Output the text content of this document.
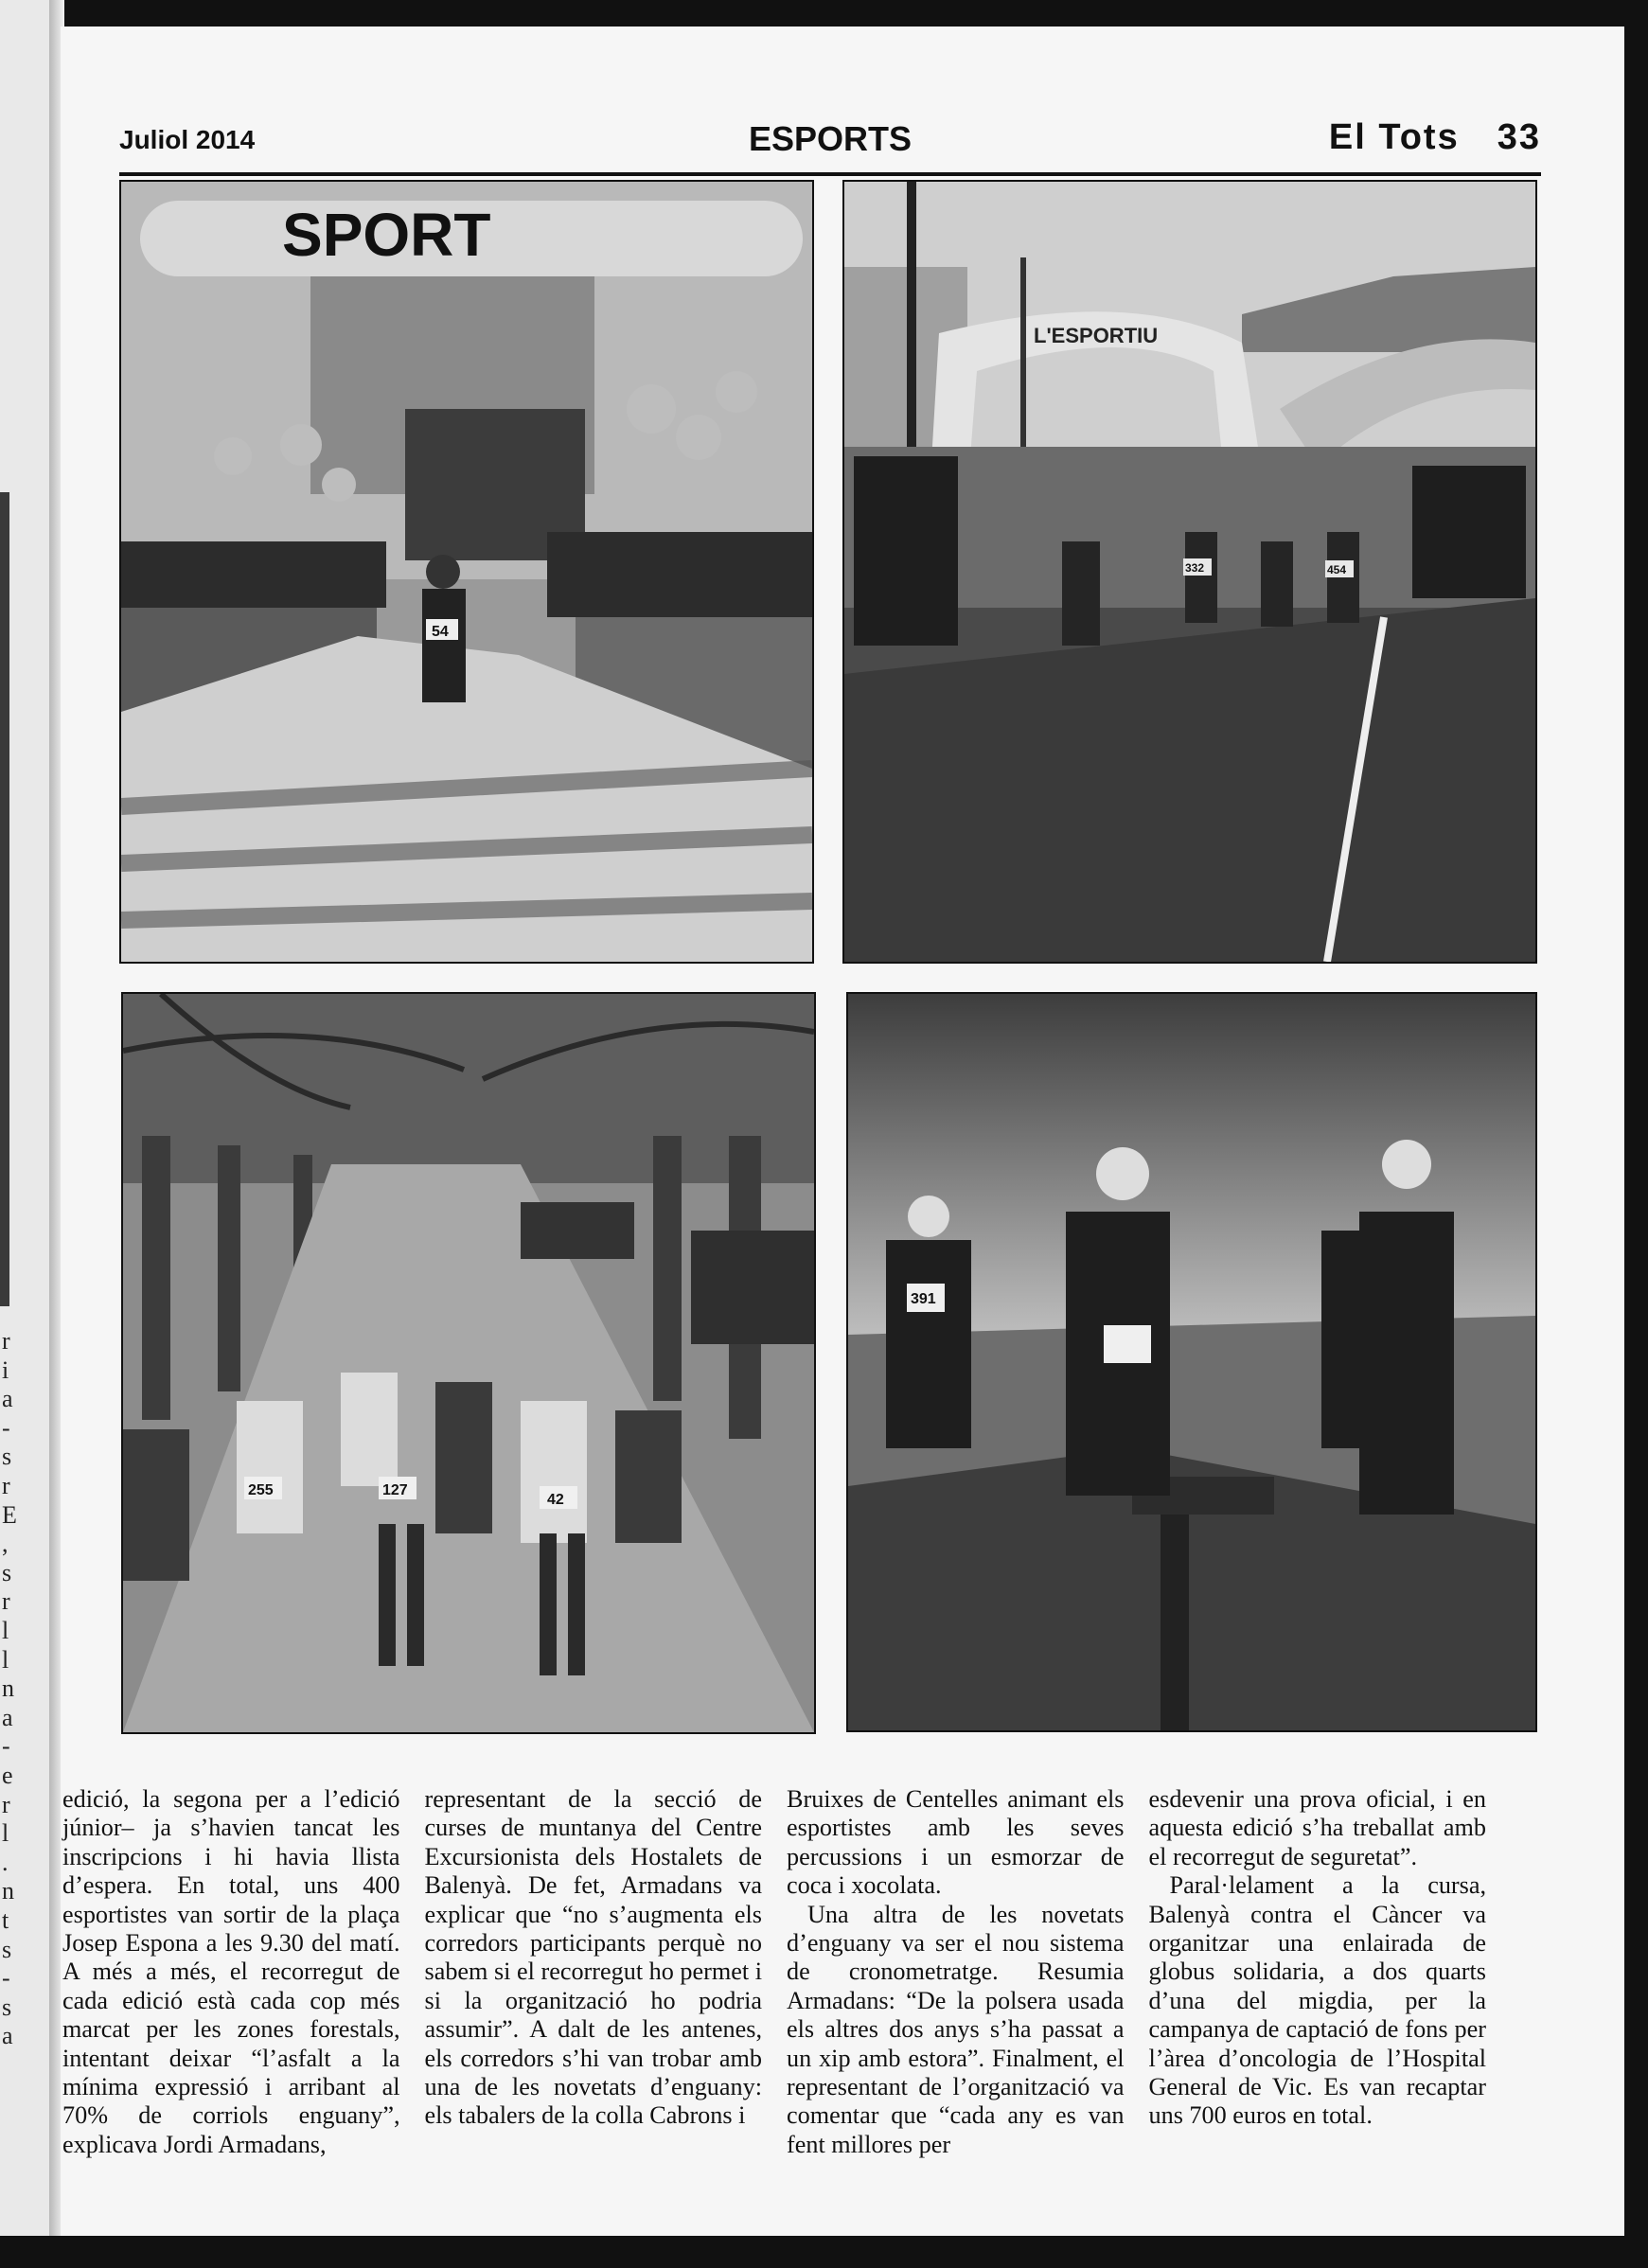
r
i
a
-
s
r
E
,
s
r
l
l
n
a
-
e
r
l
.
n
t
s
-
s
a
Juliol 2014	ESPORTS	El Tots 33
SPORT
54
L'ESPORTIU
332	454
127
42
255
391

edició, la segona per a l’edició júnior– ja s’havien tancat les inscripcions i hi havia llista d’espera. En total, uns 400 esportistes van sortir de la plaça Josep Espona a les 9.30 del matí. A més a més, el recorregut de cada edició està cada cop més marcat per les zones forestals, intentant deixar “l’asfalt a la mínima expressió i arribant al 70% de corriols enguany”, explicava Jordi Armadans,

representant de la secció de curses de muntanya del Centre Excursionista dels Hostalets de Balenyà. De fet, Armadans va explicar que “no s’augmenta els corredors participants perquè no sabem si el recorregut ho permet i si la organització ho podria assumir”. A dalt de les antenes, els corredors s’hi van trobar amb una de les novetats d’enguany: els tabalers de la colla Cabrons i

Bruixes de Centelles animant els esportistes amb les seves percussions i un esmorzar de coca i xocolata.

Una altra de les novetats d’enguany va ser el nou sistema de cronometratge. Resumia Armadans: “De la polsera usada els altres dos anys s’ha passat a un xip amb estora”. Finalment, el representant de l’organització va comentar que “cada any es van fent millores per

esdevenir una prova oficial, i en aquesta edició s’ha treballat amb el recorregut de seguretat”.

Paral·lelament a la cursa, Balenyà contra el Càncer va organitzar una enlairada de globus solidaria, a dos quarts d’una del migdia, per la campanya de captació de fons per l’àrea d’oncologia de l’Hospital General de Vic. Es van recaptar uns 700 euros en total.
